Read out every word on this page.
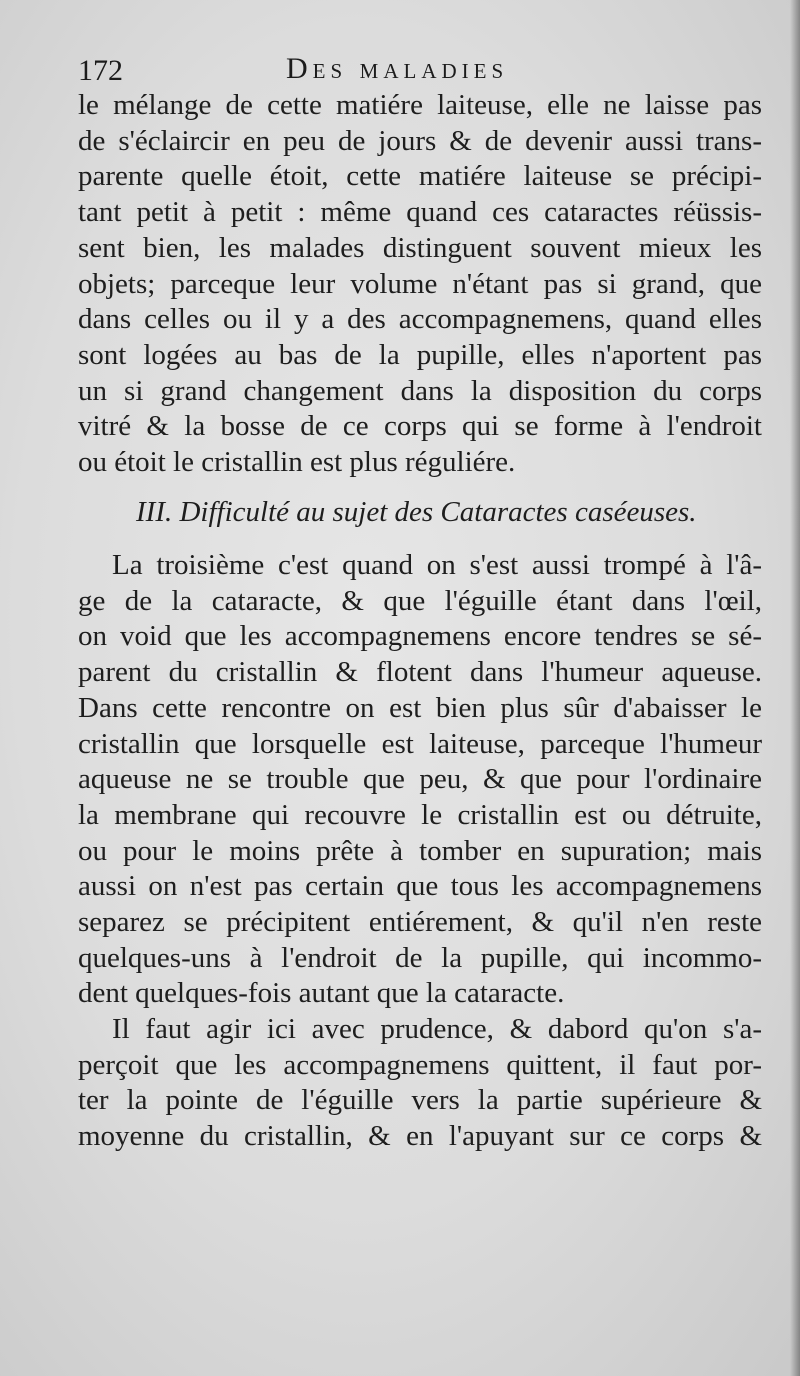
172	Des maladies

le mélange de cette matiére laiteuse, elle ne laisse pas
de s'éclaircir en peu de jours & de devenir aussi trans-
parente quelle étoit, cette matiére laiteuse se précipi-
tant petit à petit : même quand ces cataractes réüssis-
sent bien, les malades distinguent souvent mieux les
objets; parceque leur volume n'étant pas si grand, que
dans celles ou il y a des accompagnemens, quand elles
sont logées au bas de la pupille, elles n'aportent pas
un si grand changement dans la disposition du corps
vitré & la bosse de ce corps qui se forme à l'endroit
ou étoit le cristallin est plus réguliére.

III. Difficulté au sujet des Cataractes caséeuses.

La troisième c'est quand on s'est aussi trompé à l'â-
ge de la cataracte, & que l'éguille étant dans l'œil,
on void que les accompagnemens encore tendres se sé-
parent du cristallin & flotent dans l'humeur aqueuse.
Dans cette rencontre on est bien plus sûr d'abaisser le
cristallin que lorsquelle est laiteuse, parceque l'humeur
aqueuse ne se trouble que peu, & que pour l'ordinaire
la membrane qui recouvre le cristallin est ou détruite,
ou pour le moins prête à tomber en supuration; mais
aussi on n'est pas certain que tous les accompagnemens
separez se précipitent entiérement, & qu'il n'en reste
quelques-uns à l'endroit de la pupille, qui incommo-
dent quelques-fois autant que la cataracte.

Il faut agir ici avec prudence, & dabord qu'on s'a-
perçoit que les accompagnemens quittent, il faut por-
ter la pointe de l'éguille vers la partie supérieure &
moyenne du cristallin, & en l'apuyant sur ce corps &
